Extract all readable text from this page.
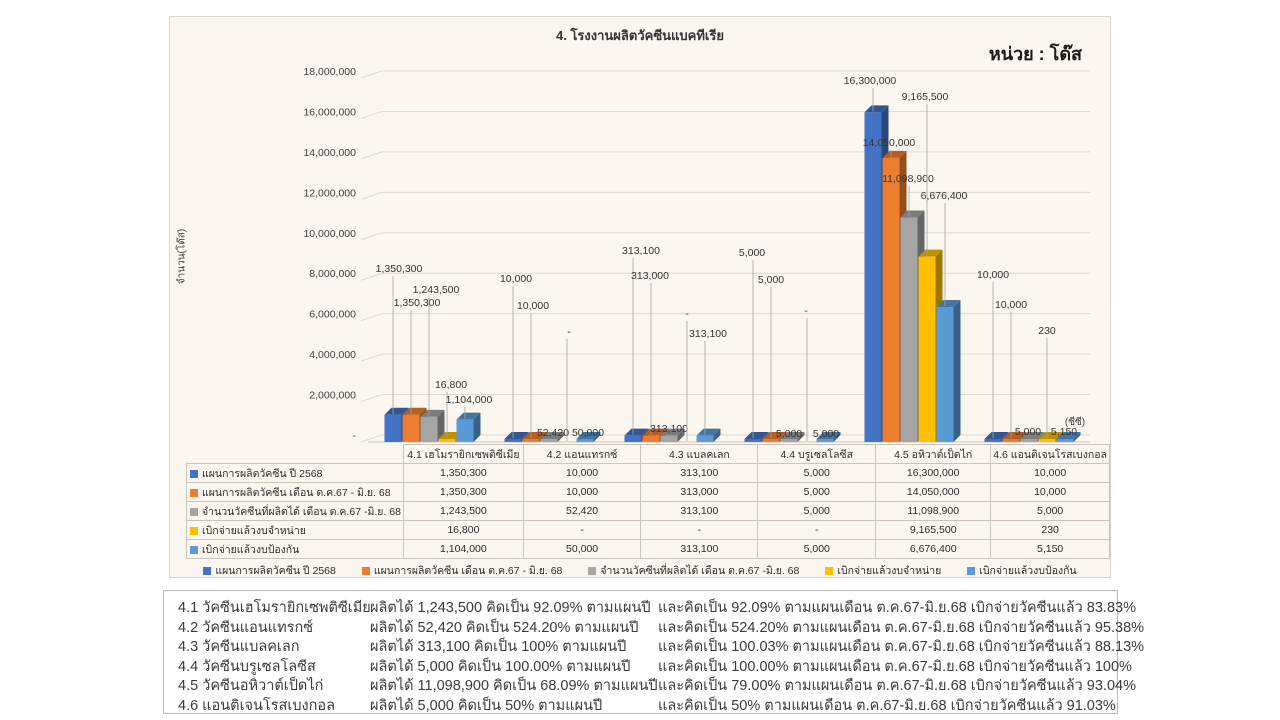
-
2,000,000
4,000,000
6,000,000
8,000,000
10,000,000
12,000,000
14,000,000
16,000,000
18,000,000
1,350,300
1,350,300
1,243,500
16,800
1,104,000
10,000
10,000
52,420
-
50,000
313,100
313,000
313,100
-
313,100
5,000
5,000
5,000
-
5,000
16,300,000
14,050,000
11,098,900
9,165,500
6,676,400
10,000
10,000
5,000
230
5,150
(ซีซี)
4. โรงงานผลิตวัคซีนแบคทีเรีย
หน่วย : โด๊ส
จำนวน(โด๊ส)
	4.1 เฮโมรายิกเซพติซีเมีย	4.2 แอนแทรกซ์	4.3 แบลคเลก	4.4 บรูเซลโลซีส	4.5 อหิวาต์เป็ดไก่	4.6 แอนติเจนโรสเบงกอล
แผนการผลิตวัคซีน ปี 2568	1,350,300	10,000	313,100	5,000	16,300,000	10,000
แผนการผลิตวัคซีน เดือน ต.ค.67 - มิ.ย. 68	1,350,300	10,000	313,000	5,000	14,050,000	10,000
จำนวนวัคซีนที่ผลิตได้ เดือน ต.ค.67 -มิ.ย. 68	1,243,500	52,420	313,100	5,000	11,098,900	5,000
เบิกจ่ายแล้วงบจำหน่าย	16,800	-	-	-	9,165,500	230
เบิกจ่ายแล้วงบป้องกัน	1,104,000	50,000	313,100	5,000	6,676,400	5,150
แผนการผลิตวัคซีน ปี 2568	แผนการผลิตวัคซีน เดือน ต.ค.67 - มิ.ย. 68	จำนวนวัคซีนที่ผลิตได้ เดือน ต.ค.67 -มิ.ย. 68	เบิกจ่ายแล้วงบจำหน่าย	เบิกจ่ายแล้วงบป้องกัน
4.1 วัคซีนเฮโมรายิกเซพติซีเมีย ผลิตได้ 1,243,500 คิดเป็น 92.09% ตามแผนปี และคิดเป็น 92.09% ตามแผนเดือน ต.ค.67-มิ.ย.68 เบิกจ่ายวัคซีนแล้ว 83.83%
4.2 วัคซีนแอนแทรกซ์	ผลิตได้ 52,420 คิดเป็น 524.20% ตามแผนปี	และคิดเป็น 524.20% ตามแผนเดือน ต.ค.67-มิ.ย.68 เบิกจ่ายวัคซีนแล้ว 95.38%
4.3 วัคซีนแบลคเลก	ผลิตได้ 313,100 คิดเป็น 100% ตามแผนปี	และคิดเป็น 100.03% ตามแผนเดือน ต.ค.67-มิ.ย.68 เบิกจ่ายวัคซีนแล้ว 88.13%
4.4 วัคซีนบรูเซลโลซีส	ผลิตได้ 5,000 คิดเป็น 100.00% ตามแผนปี	และคิดเป็น 100.00% ตามแผนเดือน ต.ค.67-มิ.ย.68 เบิกจ่ายวัคซีนแล้ว 100%
4.5 วัคซีนอหิวาต์เป็ดไก่	ผลิตได้ 11,098,900 คิดเป็น 68.09% ตามแผนปี และคิดเป็น 79.00% ตามแผนเดือน ต.ค.67-มิ.ย.68 เบิกจ่ายวัคซีนแล้ว 93.04%
4.6 แอนติเจนโรสเบงกอล	ผลิตได้ 5,000 คิดเป็น 50% ตามแผนปี	และคิดเป็น 50% ตามแผนเดือน ต.ค.67-มิ.ย.68 เบิกจ่ายวัคซีนแล้ว 91.03%
